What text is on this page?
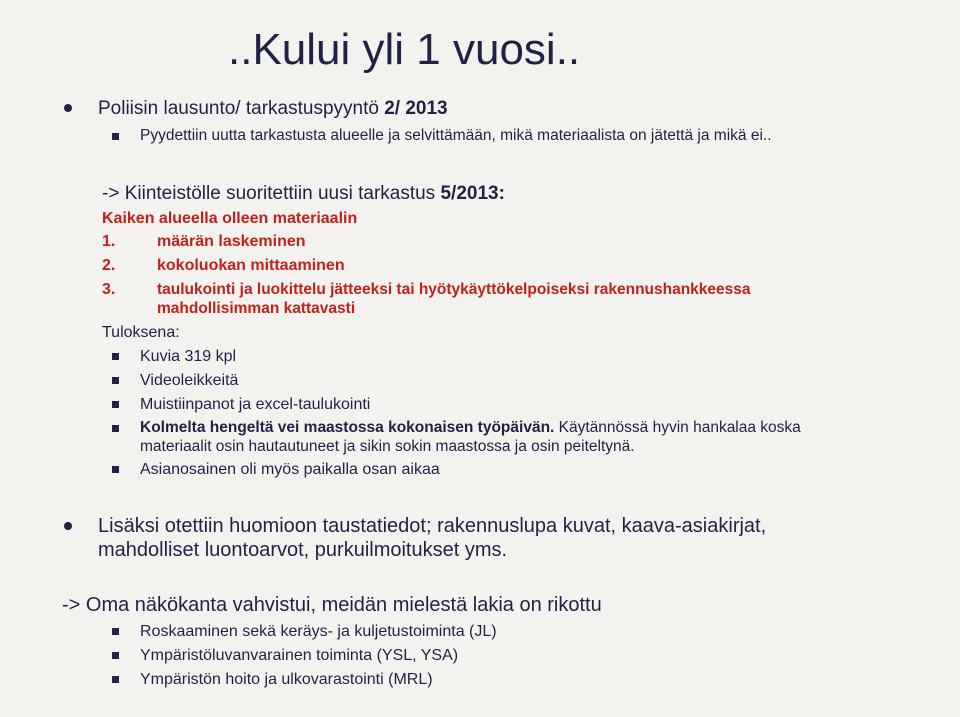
..Kului yli 1 vuosi..
Poliisin lausunto/ tarkastuspyyntö 2/ 2013
Pyydettiin uutta tarkastusta alueelle ja selvittämään, mikä materiaalista on jätettä ja mikä ei..
-> Kiinteistölle suoritettiin uusi tarkastus 5/2013:
Kaiken alueella olleen materiaalin
1.	määrän laskeminen
2.	kokoluokan mittaaminen
3.	taulukointi ja luokittelu jätteeksi tai hyötykäyttökelpoiseksi rakennushankkeessa
mahdollisimman kattavasti
Tuloksena:
Kuvia 319 kpl
Videoleikkeitä
Muistiinpanot ja excel-taulukointi
Kolmelta hengeltä vei maastossa kokonaisen työpäivän. Käytännössä hyvin hankalaa koska
materiaalit osin hautautuneet ja sikin sokin maastossa ja osin peiteltynä.
Asianosainen oli myös paikalla osan aikaa
Lisäksi otettiin huomioon taustatiedot; rakennuslupa kuvat, kaava-asiakirjat,
mahdolliset luontoarvot, purkuilmoitukset yms.
-> Oma näkökanta vahvistui, meidän mielestä lakia on rikottu
Roskaaminen sekä keräys- ja kuljetustoiminta (JL)
Ympäristöluvanvarainen toiminta (YSL, YSA)
Ympäristön hoito ja ulkovarastointi (MRL)
